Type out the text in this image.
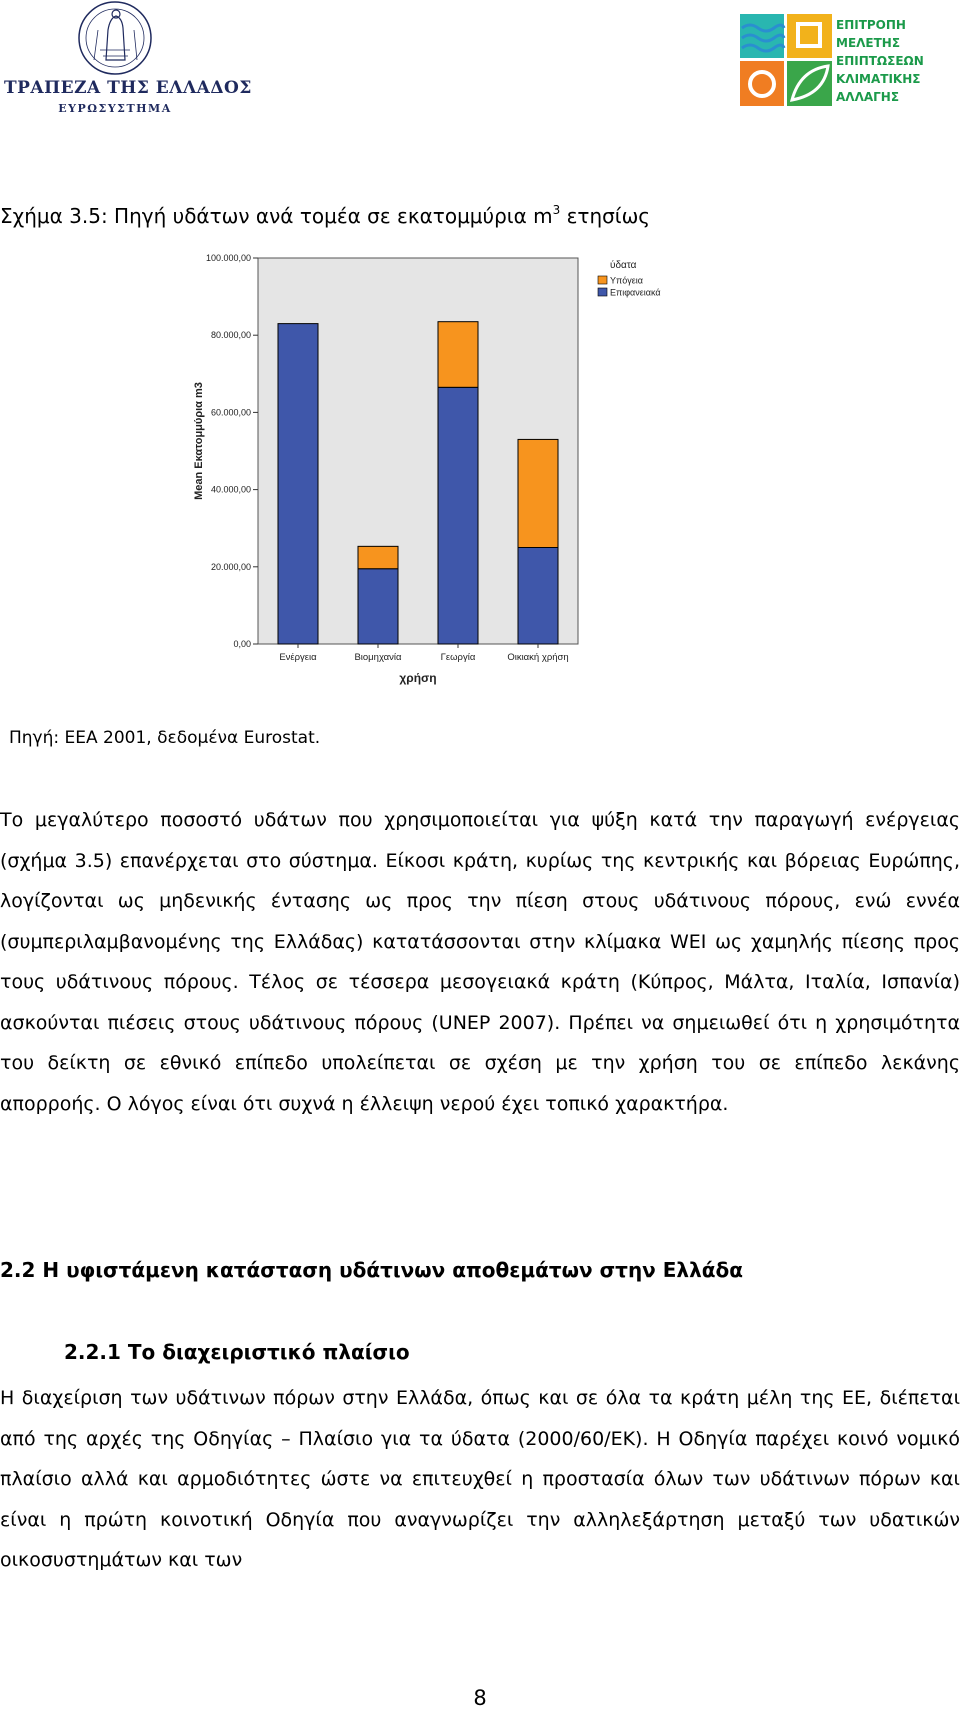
ΤΡΑΠΕΖΑ ΤΗΣ ΕΛΛΑΔΟΣ
ΕΥΡΩΣΥΣΤΗΜΑ
ΕΠΙΤΡΟΠΗ
ΜΕΛΕΤΗΣ
ΕΠΙΠΤΩΣΕΩΝ
ΚΛΙΜΑΤΙΚΗΣ
ΑΛΛΑΓΗΣ
Σχήμα 3.5: Πηγή υδάτων ανά τομέα σε εκατομμύρια $m^3$ ετησίως
0,00
20.000,00
40.000,00
60.000,00
80.000,00
100.000,00
Ενέργεια	Βιομηχανία	Γεωργία	Οικιακή χρήση
χρήση
Mean Εκατομμύρια m3
ύδατα
Υπόγεια
Επιφανειακά
Πηγή: ΕΕΑ 2001, δεδομένα Eurostat.
Το μεγαλύτερο ποσοστό υδάτων που χρησιμοποιείται για ψύξη κατά την παραγωγή ενέργειας (σχήμα 3.5) επανέρχεται στο σύστημα. Είκοσι κράτη, κυρίως της κεντρικής και βόρειας Ευρώπης, λογίζονται ως μηδενικής έντασης ως προς την πίεση στους υδάτινους πόρους, ενώ εννέα (συμπεριλαμβανομένης της Ελλάδας) κατατάσσονται στην κλίμακα WEI ως χαμηλής πίεσης προς τους υδάτινους πόρους. Τέλος σε τέσσερα μεσογειακά κράτη (Κύπρος, Μάλτα, Ιταλία, Ισπανία) ασκούνται πιέσεις στους υδάτινους πόρους (UNEP 2007). Πρέπει να σημειωθεί ότι η χρησιμότητα του δείκτη σε εθνικό επίπεδο υπολείπεται σε σχέση με την χρήση του σε επίπεδο λεκάνης απορροής. Ο λόγος είναι ότι συχνά η έλλειψη νερού έχει τοπικό χαρακτήρα.
2.2 Η υφιστάμενη κατάσταση υδάτινων αποθεμάτων στην Ελλάδα
2.2.1 Το διαχειριστικό πλαίσιο
Η διαχείριση των υδάτινων πόρων στην Ελλάδα, όπως και σε όλα τα κράτη μέλη της ΕΕ, διέπεται από της αρχές της Οδηγίας – Πλαίσιο για τα ύδατα (2000/60/ΕΚ). Η Οδηγία παρέχει κοινό νομικό πλαίσιο αλλά και αρμοδιότητες ώστε να επιτευχθεί η προστασία όλων των υδάτινων πόρων και είναι η πρώτη κοινοτική Οδηγία που αναγνωρίζει την αλληλεξάρτηση μεταξύ των υδατικών οικοσυστημάτων και των
8
